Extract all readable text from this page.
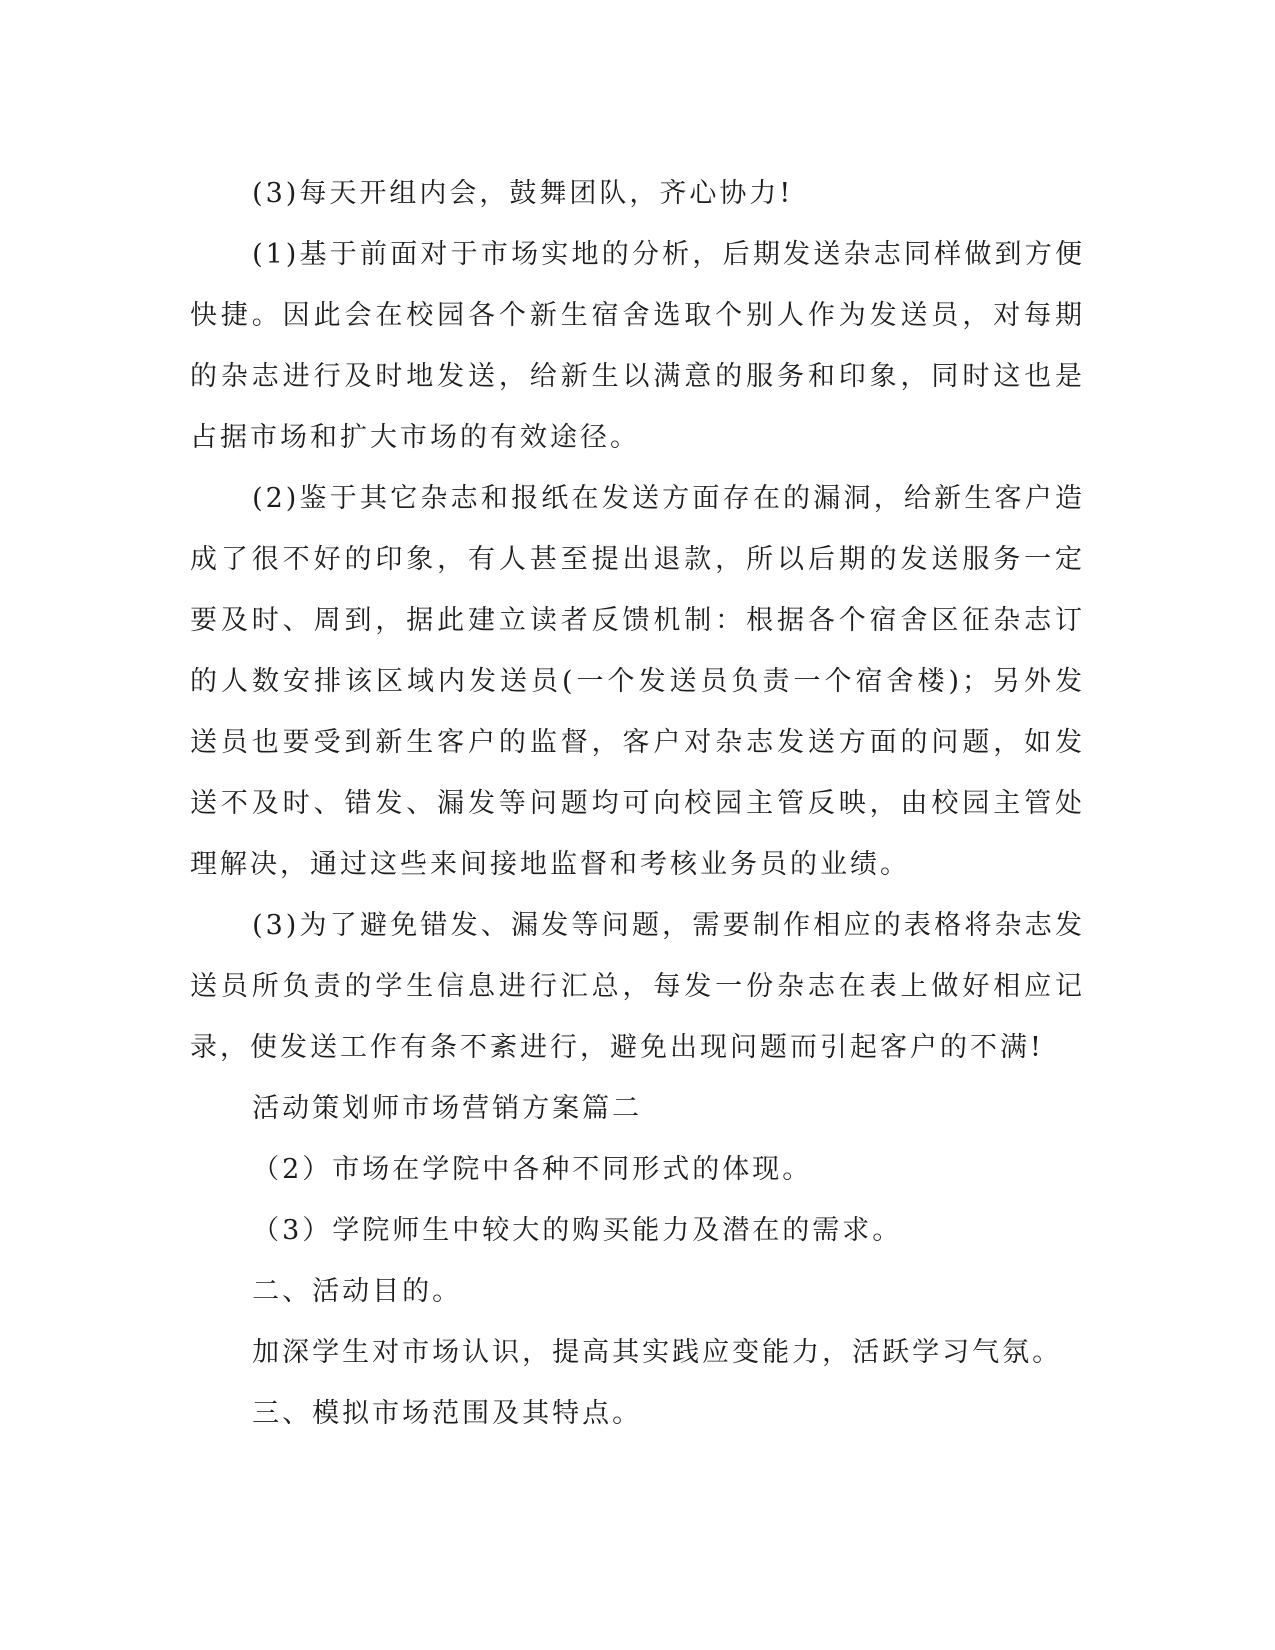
(3)每天开组内会，鼓舞团队，齐心协力!

(1)基于前面对于市场实地的分析，后期发送杂志同样做到方便快捷。因此会在校园各个新生宿舍选取个别人作为发送员，对每期的杂志进行及时地发送，给新生以满意的服务和印象，同时这也是占据市场和扩大市场的有效途径。

(2)鉴于其它杂志和报纸在发送方面存在的漏洞，给新生客户造成了很不好的印象，有人甚至提出退款，所以后期的发送服务一定要及时、周到，据此建立读者反馈机制：根据各个宿舍区征杂志订的人数安排该区域内发送员(一个发送员负责一个宿舍楼)；另外发送员也要受到新生客户的监督，客户对杂志发送方面的问题，如发送不及时、错发、漏发等问题均可向校园主管反映，由校园主管处理解决，通过这些来间接地监督和考核业务员的业绩。

(3)为了避免错发、漏发等问题，需要制作相应的表格将杂志发送员所负责的学生信息进行汇总，每发一份杂志在表上做好相应记录，使发送工作有条不紊进行，避免出现问题而引起客户的不满!

活动策划师市场营销方案篇二

（2）市场在学院中各种不同形式的体现。

（3）学院师生中较大的购买能力及潜在的需求。

二、活动目的。

加深学生对市场认识，提高其实践应变能力，活跃学习气氛。

三、模拟市场范围及其特点。
